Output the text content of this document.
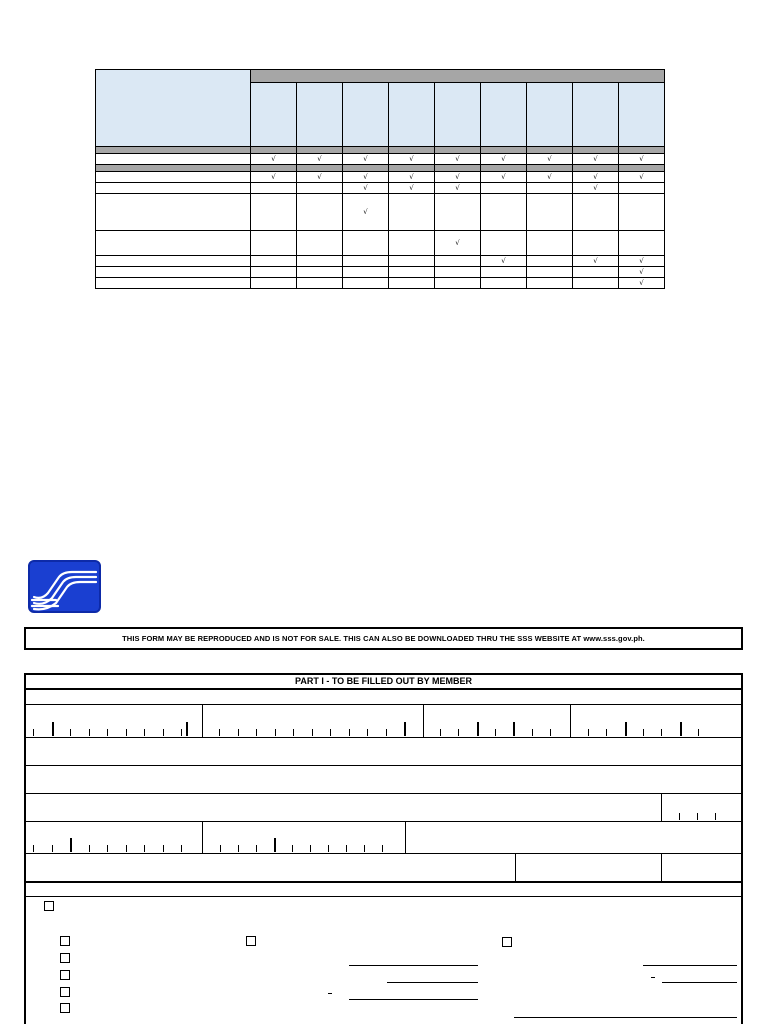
	√	√	√	√	√	√	√	√	√

	√	√	√	√	√	√	√	√	√
			√	√	√			√	
			√						
					√				
						√		√	√
									√
									√
THIS FORM MAY BE REPRODUCED AND IS NOT FOR SALE. THIS CAN ALSO BE DOWNLOADED THRU THE SSS WEBSITE AT www.sss.gov.ph.
PART I - TO BE FILLED OUT BY MEMBER
